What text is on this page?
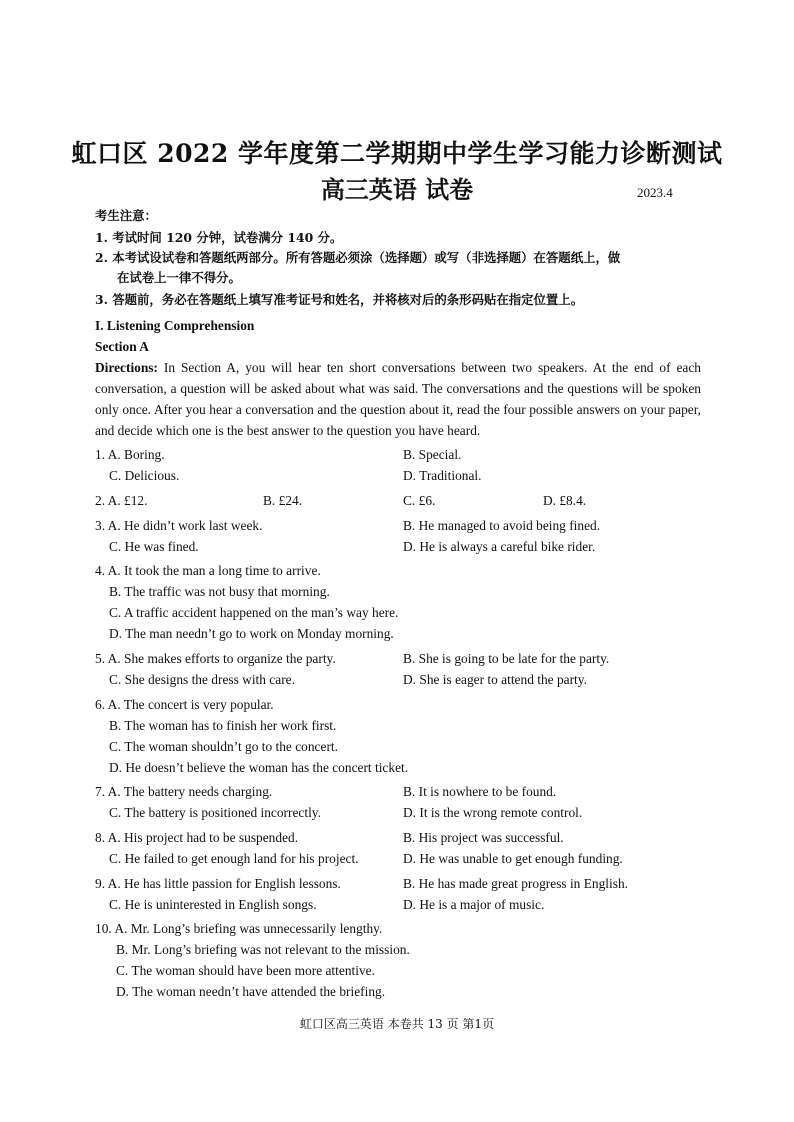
虹口区 2022 学年度第二学期期中学生学习能力诊断测试
高三英语 试卷	2023.4
考生注意：
1. 考试时间 120 分钟，试卷满分 140 分。
2. 本考试设试卷和答题纸两部分。所有答题必须涂（选择题）或写（非选择题）在答题纸上，做
在试卷上一律不得分。
3. 答题前，务必在答题纸上填写准考证号和姓名，并将核对后的条形码贴在指定位置上。
I. Listening Comprehension
Section A
Directions: In Section A, you will hear ten short conversations between two speakers. At the end of each conversation, a question will be asked about what was said. The conversations and the questions will be spoken only once. After you hear a conversation and the question about it, read the four possible answers on your paper, and decide which one is the best answer to the question you have heard.
1. A. Boring.	B. Special.
C. Delicious.	D. Traditional.
2. A. £12.	B. £24.	C. £6.	D. £8.4.
3. A. He didn’t work last week.	B. He managed to avoid being fined.
C. He was fined.	D. He is always a careful bike rider.
4. A. It took the man a long time to arrive.
B. The traffic was not busy that morning.
C. A traffic accident happened on the man’s way here.
D. The man needn’t go to work on Monday morning.
5. A. She makes efforts to organize the party.	B. She is going to be late for the party.
C. She designs the dress with care.	D. She is eager to attend the party.
6. A. The concert is very popular.
B. The woman has to finish her work first.
C. The woman shouldn’t go to the concert.
D. He doesn’t believe the woman has the concert ticket.
7. A. The battery needs charging.	B. It is nowhere to be found.
C. The battery is positioned incorrectly.	D. It is the wrong remote control.
8. A. His project had to be suspended.	B. His project was successful.
C. He failed to get enough land for his project.	D. He was unable to get enough funding.
9. A. He has little passion for English lessons.	B. He has made great progress in English.
C. He is uninterested in English songs.	D. He is a major of music.
10. A. Mr. Long’s briefing was unnecessarily lengthy.
B. Mr. Long’s briefing was not relevant to the mission.
C. The woman should have been more attentive.
D. The woman needn’t have attended the briefing.
虹口区高三英语 本卷共 13 页 第1页
